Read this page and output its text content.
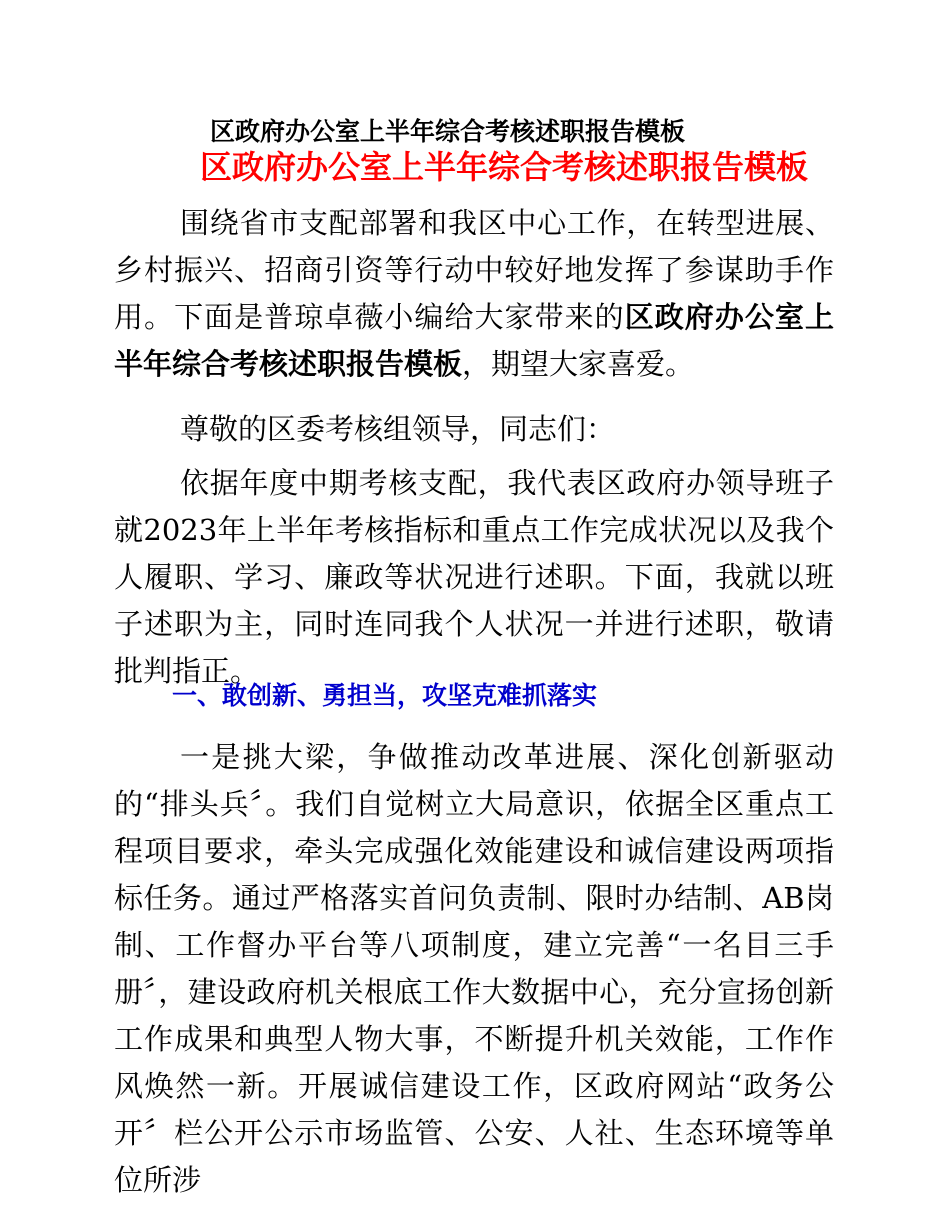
区政府办公室上半年综合考核述职报告模板
区政府办公室上半年综合考核述职报告模板

围绕省市支配部署和我区中心工作，在转型进展、乡村振兴、招商引资等行动中较好地发挥了参谋助手作用。下面是普琼卓薇小编给大家带来的区政府办公室上半年综合考核述职报告模板，期望大家喜爱。

尊敬的区委考核组领导，同志们：

依据年度中期考核支配，我代表区政府办领导班子就2023年上半年考核指标和重点工作完成状况以及我个人履职、学习、廉政等状况进行述职。下面，我就以班子述职为主，同时连同我个人状况一并进行述职，敬请批判指正。

一、敢创新、勇担当，攻坚克难抓落实

一是挑大梁，争做推动改革进展、深化创新驱动的“排头兵〞。我们自觉树立大局意识，依据全区重点工程项目要求，牵头完成强化效能建设和诚信建设两项指标任务。通过严格落实首问负责制、限时办结制、AB岗制、工作督办平台等八项制度，建立完善“一名目三手册〞，建设政府机关根底工作大数据中心，充分宣扬创新工作成果和典型人物大事，不断提升机关效能，工作作风焕然一新。开展诚信建设工作，区政府网站“政务公开〞栏公开公示市场监管、公安、人社、生态环境等单位所涉
